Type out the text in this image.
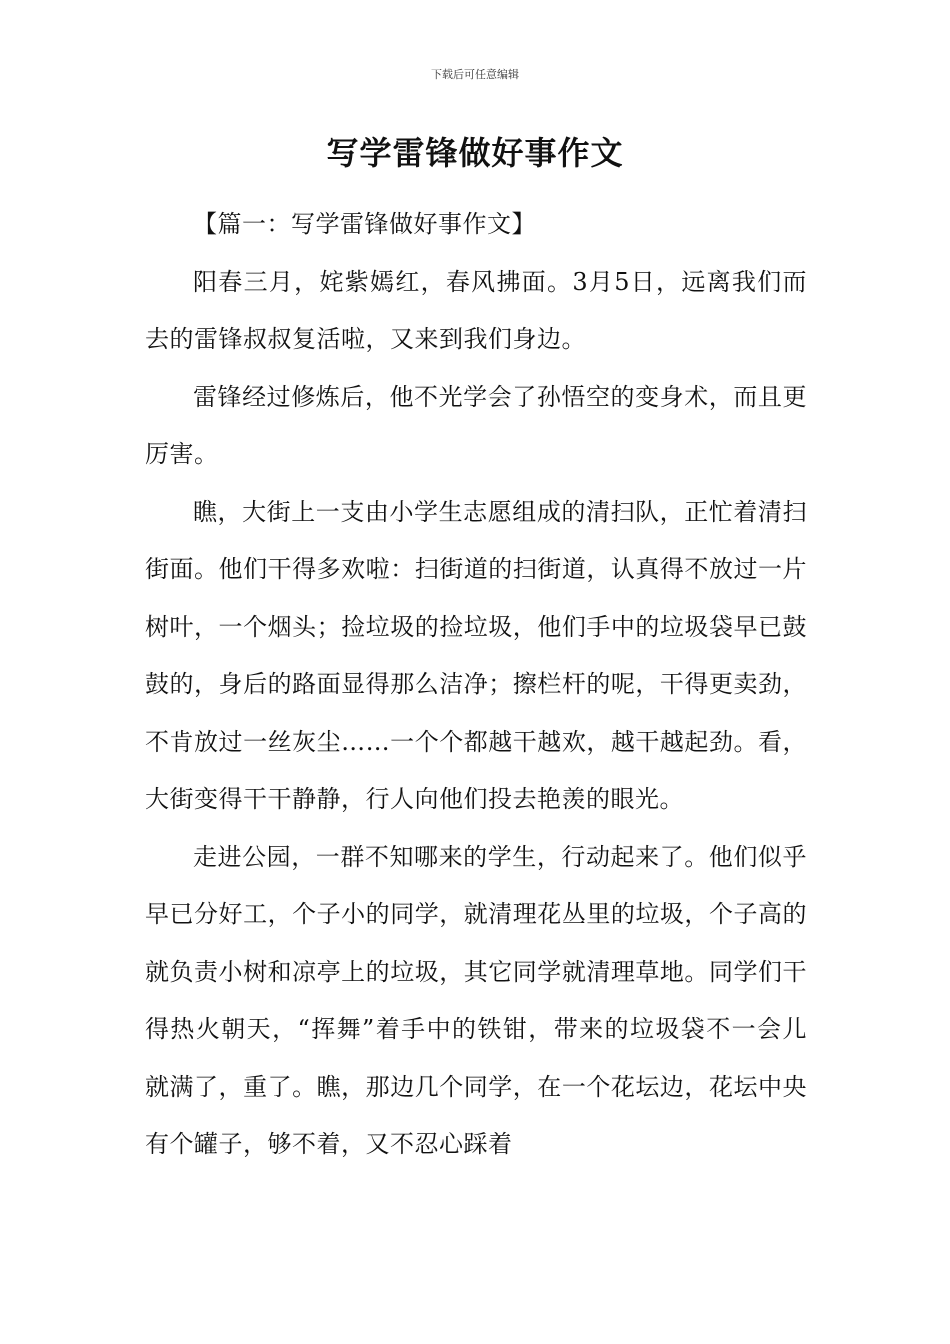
下载后可任意编辑
写学雷锋做好事作文

【篇一：写学雷锋做好事作文】

阳春三月，姹紫嫣红，春风拂面。3月5日，远离我们而去的雷锋叔叔复活啦，又来到我们身边。

雷锋经过修炼后，他不光学会了孙悟空的变身术，而且更厉害。

瞧，大街上一支由小学生志愿组成的清扫队，正忙着清扫街面。他们干得多欢啦：扫街道的扫街道，认真得不放过一片树叶，一个烟头；捡垃圾的捡垃圾，他们手中的垃圾袋早已鼓鼓的，身后的路面显得那么洁净；擦栏杆的呢，干得更卖劲，不肯放过一丝灰尘……一个个都越干越欢，越干越起劲。看，大街变得干干静静，行人向他们投去艳羡的眼光。

走进公园，一群不知哪来的学生，行动起来了。他们似乎早已分好工，个子小的同学，就清理花丛里的垃圾，个子高的就负责小树和凉亭上的垃圾，其它同学就清理草地。同学们干得热火朝天，“挥舞”着手中的铁钳，带来的垃圾袋不一会儿就满了，重了。瞧，那边几个同学，在一个花坛边，花坛中央有个罐子，够不着，又不忍心踩着
